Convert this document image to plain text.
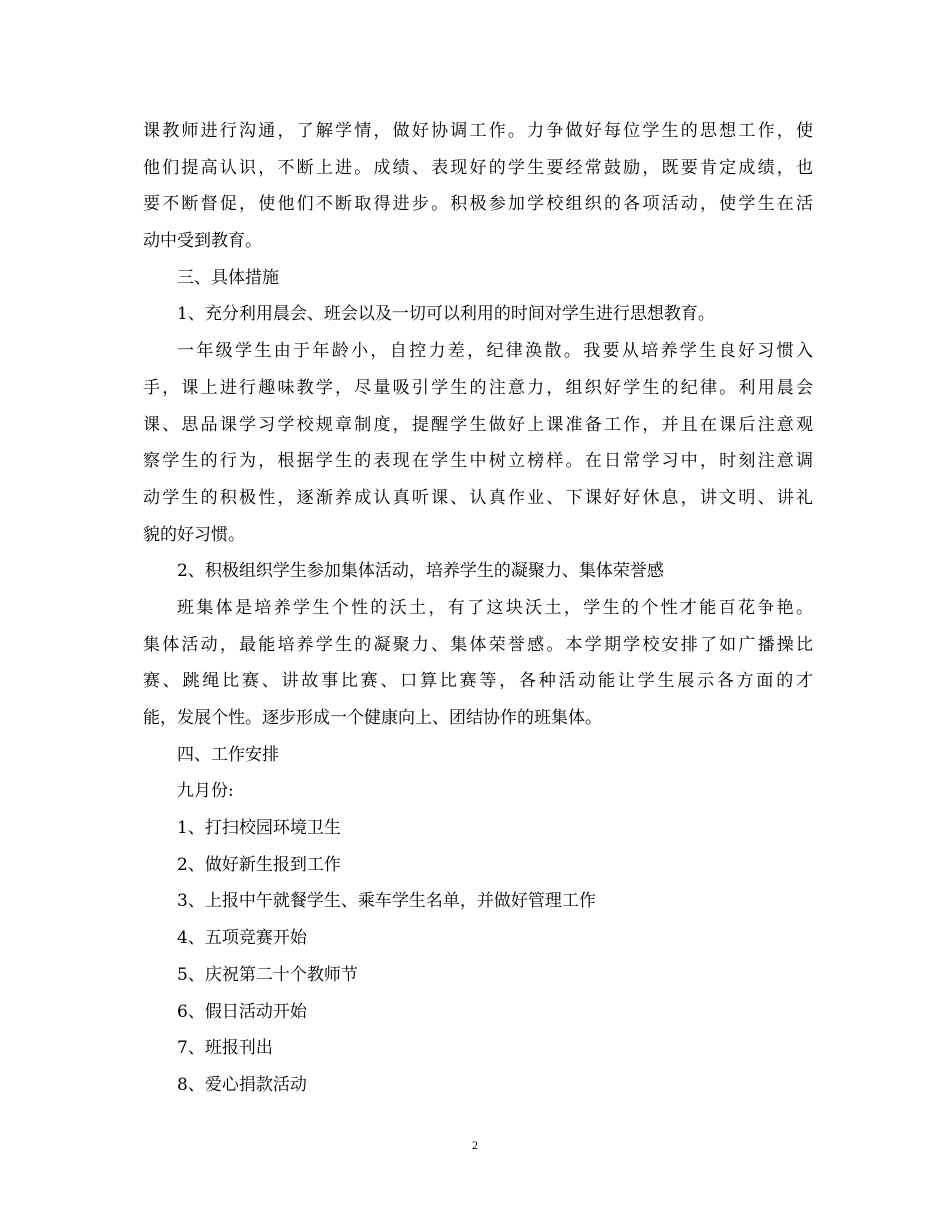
课教师进行沟通，了解学情，做好协调工作。力争做好每位学生的思想工作，使
他们提高认识，不断上进。成绩、表现好的学生要经常鼓励，既要肯定成绩，也
要不断督促，使他们不断取得进步。积极参加学校组织的各项活动，使学生在活
动中受到教育。
三、具体措施
1、充分利用晨会、班会以及一切可以利用的时间对学生进行思想教育。
一年级学生由于年龄小，自控力差，纪律涣散。我要从培养学生良好习惯入
手，课上进行趣味教学，尽量吸引学生的注意力，组织好学生的纪律。利用晨会
课、思品课学习学校规章制度，提醒学生做好上课准备工作，并且在课后注意观
察学生的行为，根据学生的表现在学生中树立榜样。在日常学习中，时刻注意调
动学生的积极性，逐渐养成认真听课、认真作业、下课好好休息，讲文明、讲礼
貌的好习惯。
2、积极组织学生参加集体活动，培养学生的凝聚力、集体荣誉感
班集体是培养学生个性的沃土，有了这块沃土，学生的个性才能百花争艳。
集体活动，最能培养学生的凝聚力、集体荣誉感。本学期学校安排了如广播操比
赛、跳绳比赛、讲故事比赛、口算比赛等，各种活动能让学生展示各方面的才
能，发展个性。逐步形成一个健康向上、团结协作的班集体。
四、工作安排
九月份:
1、打扫校园环境卫生
2、做好新生报到工作
3、上报中午就餐学生、乘车学生名单，并做好管理工作
4、五项竞赛开始
5、庆祝第二十个教师节
6、假日活动开始
7、班报刊出
8、爱心捐款活动
2
